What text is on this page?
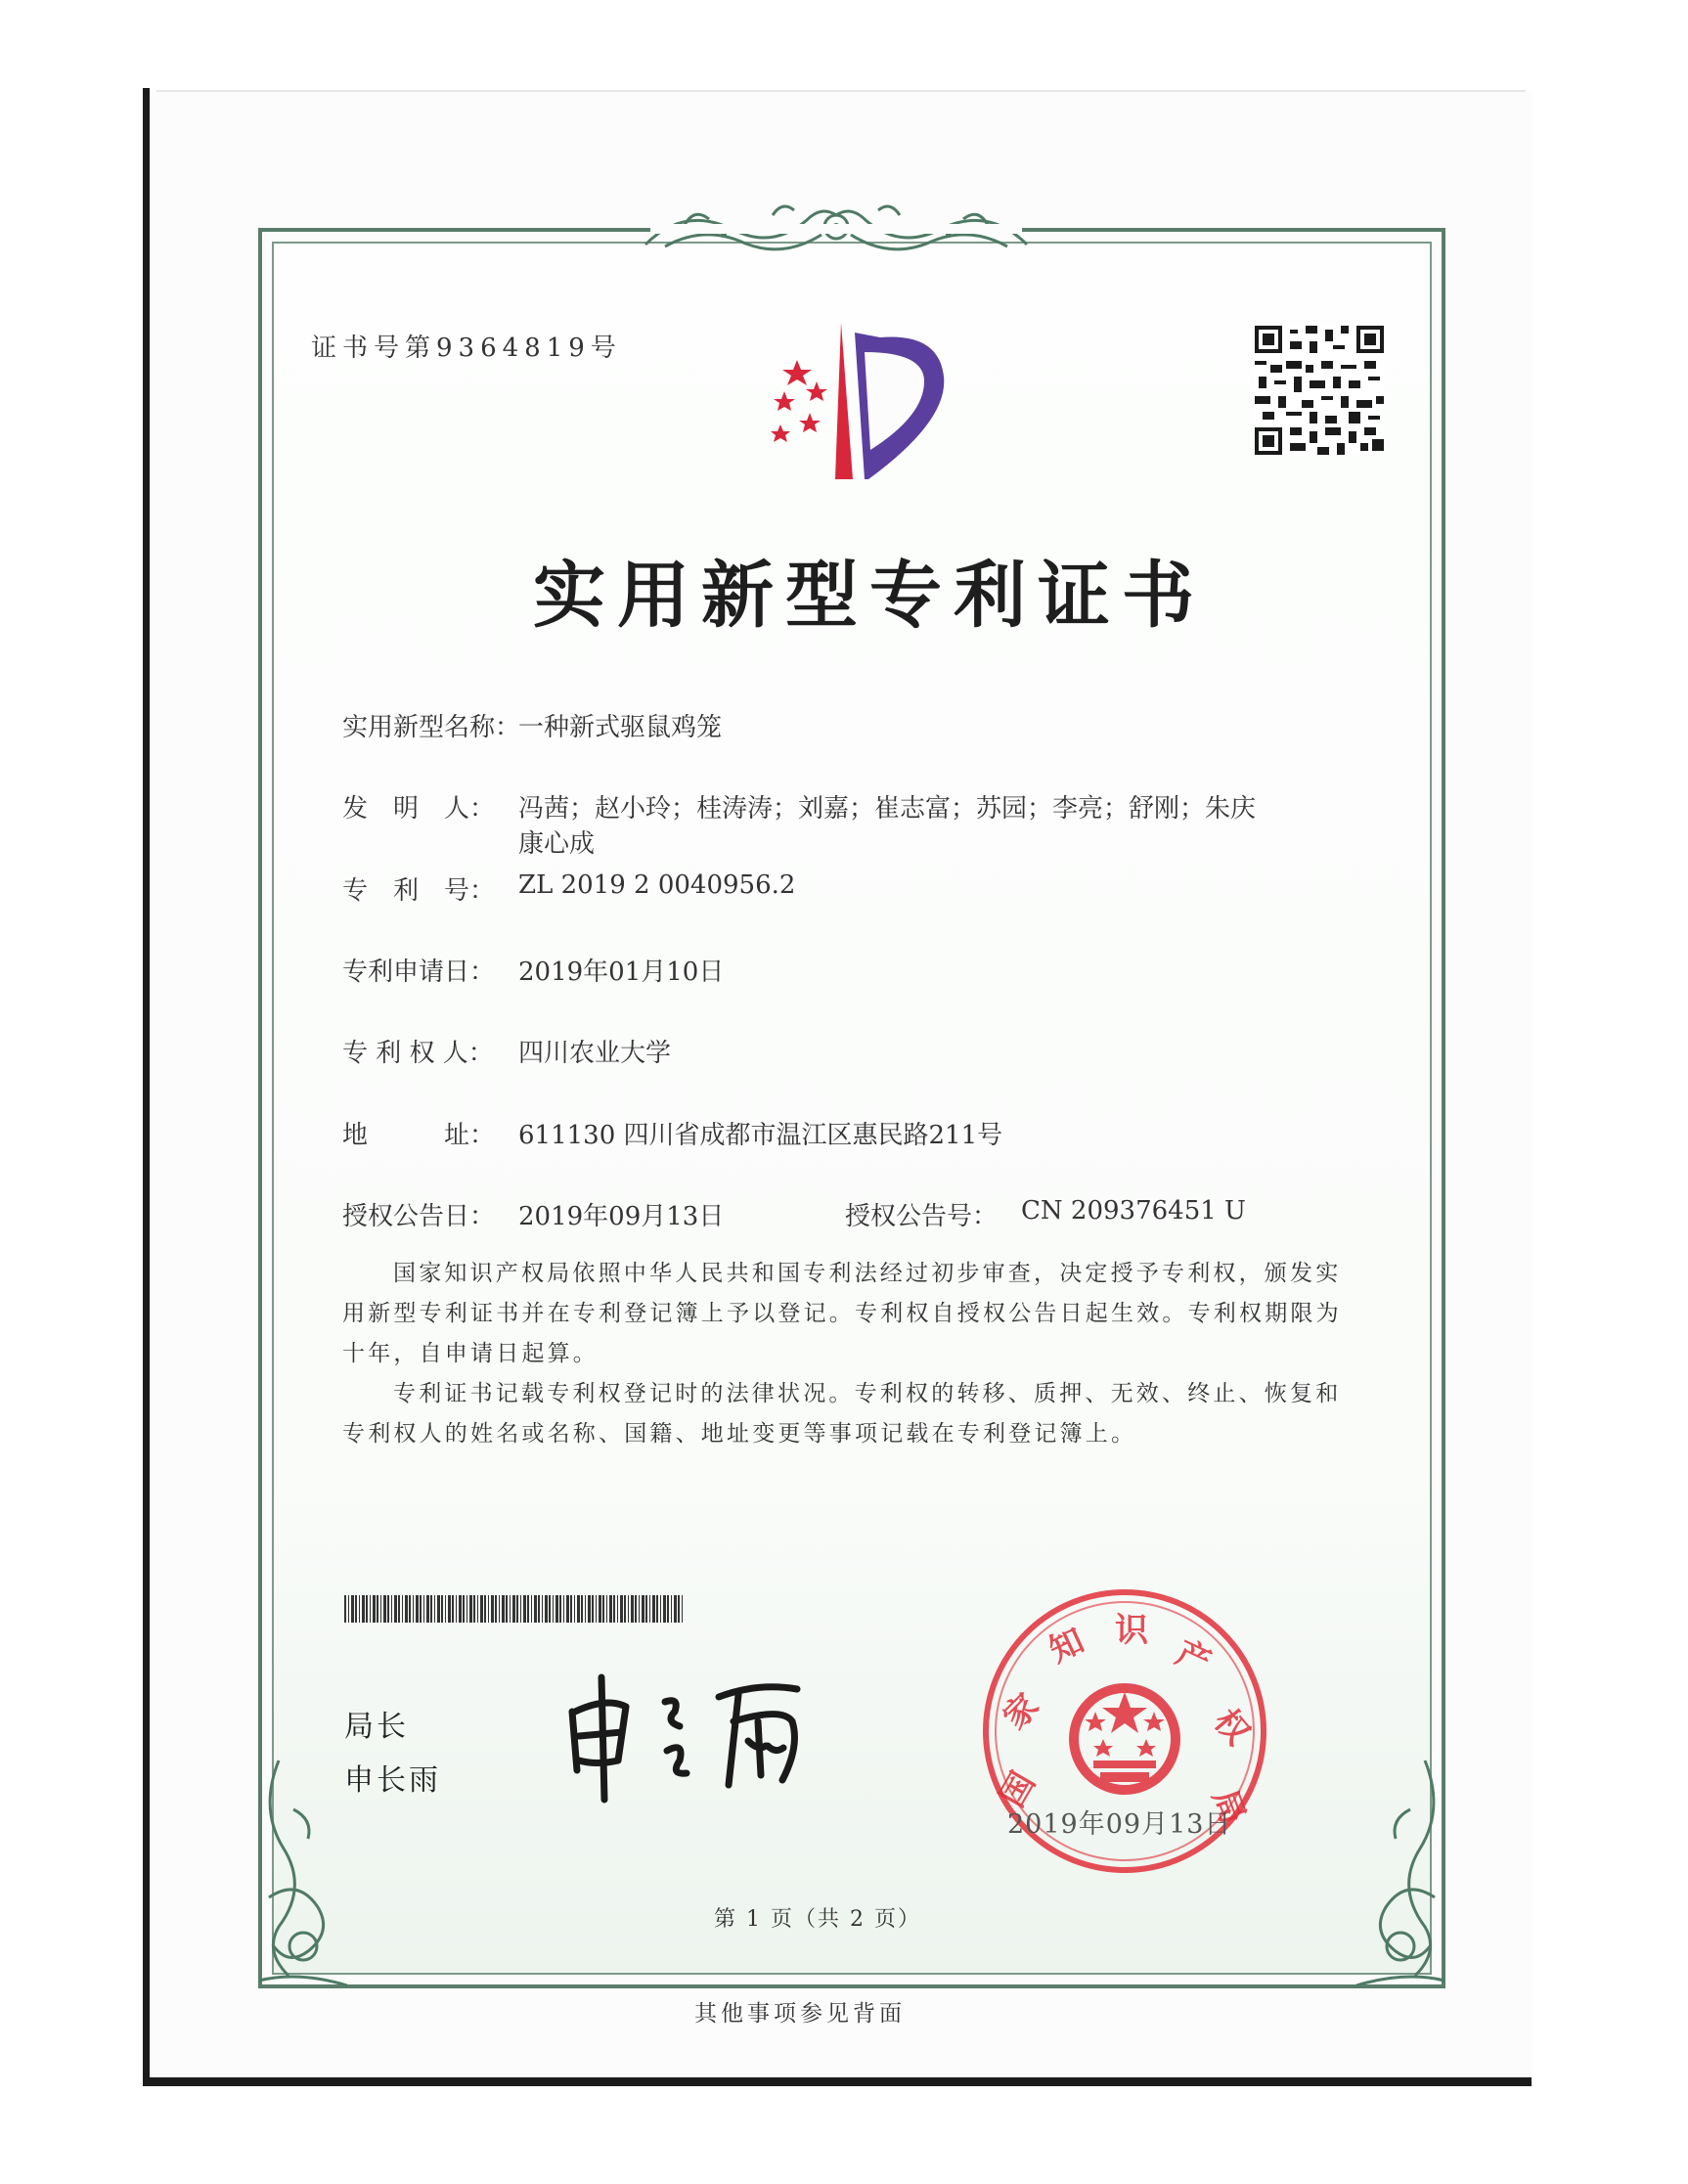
证书号第9364819号
实用新型专利证书
实用新型名称：
一种新式驱鼠鸡笼
发　明　人： 冯茜；赵小玲；桂涛涛；刘嘉；崔志富；苏园；李亮；舒刚；朱庆
康心成
专　利　号： ZL 2019 2 0040956.2
专利申请日： 2019年01月10日
专 利 权 人： 四川农业大学
地　　　址： 611130 四川省成都市温江区惠民路211号
授权公告日： 2019年09月13日	授权公告号： CN 209376451 U
国家知识产权局依照中华人民共和国专利法经过初步审查，决定授予专利权，颁发实用新型专利证书并在专利登记簿上予以登记。专利权自授权公告日起生效。专利权期限为十年，自申请日起算。
专利证书记载专利权登记时的法律状况。专利权的转移、质押、无效、终止、恢复和专利权人的姓名或名称、国籍、地址变更等事项记载在专利登记簿上。
局长
申长雨	国
家
知 识
产
权
局
2019年09月13日
第 1 页（共 2 页）
其他事项参见背面
